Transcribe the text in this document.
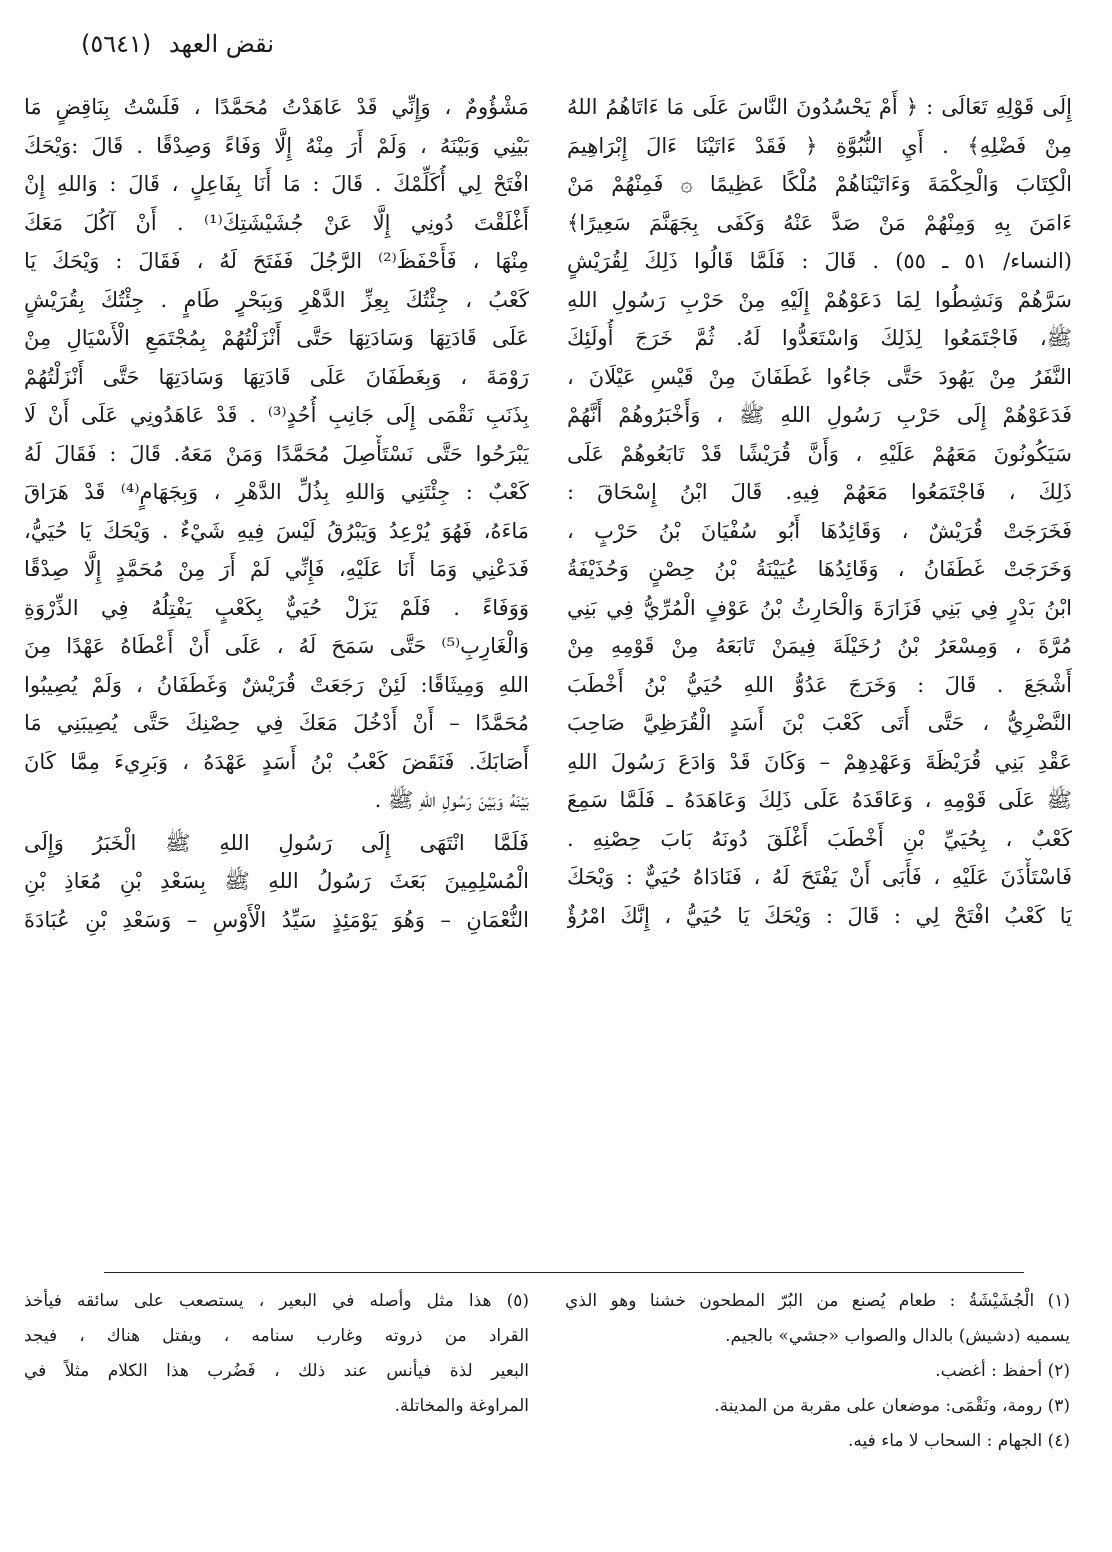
نقض العهد (٥٦٤١)
إِلَى قَوْلِهِ تَعَالَى : ﴿ أَمْ يَحْسُدُونَ النَّاسَ عَلَى مَا ءَاتَاهُمُ اللهُ
مِنْ فَضْلِهِ﴾ . أَيِ النُّبُوَّةِ ﴿ فَقَدْ ءَاتَيْنَا ءَالَ إِبْرَاهِيمَ
الْكِتَابَ وَالْحِكْمَةَ وَءَاتَيْنَاهُمْ مُلْكًا عَظِيمًا ۞ فَمِنْهُمْ مَنْ
ءَامَنَ بِهِ وَمِنْهُمْ مَنْ صَدَّ عَنْهُ وَكَفَى بِجَهَنَّمَ سَعِيرًا﴾
(النساء/ ٥١ ـ ٥٥) . قَالَ : فَلَمَّا قَالُوا ذَلِكَ لِقُرَيْشٍ
سَرَّهُمْ وَنَشِطُوا لِمَا دَعَوْهُمْ إِلَيْهِ مِنْ حَرْبِ رَسُولِ اللهِ
ﷺ، فَاجْتَمَعُوا لِذَلِكَ وَاسْتَعَدُّوا لَهُ. ثُمَّ خَرَجَ أُولَئِكَ
النَّفَرُ مِنْ يَهُودَ حَتَّى جَاءُوا غَطَفَانَ مِنْ قَيْسِ عَيْلَانَ ،
فَدَعَوْهُمْ إِلَى حَرْبِ رَسُولِ اللهِ ﷺ ، وَأَخْبَرُوهُمْ أَنَّهُمْ
سَيَكُونُونَ مَعَهُمْ عَلَيْهِ ، وَأَنَّ قُرَيْشًا قَدْ تَابَعُوهُمْ عَلَى
ذَلِكَ ، فَاجْتَمَعُوا مَعَهُمْ فِيهِ. قَالَ ابْنُ إِسْحَاقَ :
فَخَرَجَتْ قُرَيْشٌ ، وَقَائِدُهَا أَبُو سُفْيَانَ بْنُ حَرْبٍ ،
وَخَرَجَتْ غَطَفَانُ ، وَقَائِدُهَا عُيَيْنَةُ بْنُ حِصْنٍ وَحُذَيْفَةُ
ابْنُ بَدْرٍ فِي بَنِي فَزَارَةَ وَالْحَارِثُ بْنُ عَوْفٍ الْمُرِّيُّ فِي بَنِي
مُرَّةَ ، وَمِسْعَرُ بْنُ رُخَيْلَةَ فِيمَنْ تَابَعَهُ مِنْ قَوْمِهِ مِنْ
أَشْجَعَ . قَالَ : وَخَرَجَ عَدُوُّ اللهِ حُيَيُّ بْنُ أَخْطَبَ
النَّضْرِيُّ ، حَتَّى أَتَى كَعْبَ بْنَ أَسَدٍ الْقُرَظِيَّ صَاحِبَ
عَقْدِ بَنِي قُرَيْظَةَ وَعَهْدِهِمْ – وَكَانَ قَدْ وَادَعَ رَسُولَ اللهِ
ﷺ عَلَى قَوْمِهِ ، وَعَاقَدَهُ عَلَى ذَلِكَ وَعَاهَدَهُ ـ فَلَمَّا سَمِعَ
كَعْبٌ ، بِحُيَيِّ بْنِ أَخْطَبَ أَغْلَقَ دُونَهُ بَابَ حِصْنِهِ .
فَاسْتَأْذَنَ عَلَيْهِ ، فَأَبَى أَنْ يَفْتَحَ لَهُ ، فَنَادَاهُ حُيَيٌّ : وَيْحَكَ
يَا كَعْبُ افْتَحْ لِي : قَالَ : وَيْحَكَ يَا حُيَيُّ ، إِنَّكَ امْرُؤٌ
مَشْؤُومٌ ، وَإِنِّي قَدْ عَاهَدْتُ مُحَمَّدًا ، فَلَسْتُ بِنَاقِضٍ مَا
بَيْنِي وَبَيْنَهُ ، وَلَمْ أَرَ مِنْهُ إِلَّا وَفَاءً وَصِدْقًا . قَالَ :وَيْحَكَ
افْتَحْ لِي أُكَلِّمْكَ . قَالَ : مَا أَنَا بِفَاعِلٍ ، قَالَ : وَاللهِ إِنْ
أَغْلَقْتَ دُونِي إِلَّا عَنْ جُشَيْشَتِكَ⁽¹⁾ . أَنْ آكُلَ مَعَكَ
مِنْهَا ، فَأَحْفَظَ⁽²⁾ الرَّجُلَ فَفَتَحَ لَهُ ، فَقَالَ : وَيْحَكَ يَا
كَعْبُ ، جِئْتُكَ بِعِزِّ الدَّهْرِ وَبِبَحْرٍ طَامٍ . جِئْتُكَ بِقُرَيْشٍ
عَلَى قَادَتِهَا وَسَادَتِهَا حَتَّى أَنْزَلْتُهُمْ بِمُجْتَمَعِ الْأَسْيَالِ مِنْ
رَوْمَةَ ، وَبِغَطَفَانَ عَلَى قَادَتِهَا وَسَادَتِهَا حَتَّى أَنْزَلْتُهُمْ
بِذَنَبِ نَقْمَى إِلَى جَانِبِ أُحُدٍ⁽³⁾ . قَدْ عَاهَدُونِي عَلَى أَنْ لَا
يَبْرَحُوا حَتَّى نَسْتَأْصِلَ مُحَمَّدًا وَمَنْ مَعَهُ. قَالَ : فَقَالَ لَهُ
كَعْبٌ : جِئْتَنِي وَاللهِ بِذُلِّ الدَّهْرِ ، وَبِجَهَامٍ⁽⁴⁾ قَدْ هَرَاقَ
مَاءَهُ، فَهُوَ يُرْعِدُ وَيَبْرُقُ لَيْسَ فِيهِ شَيْءٌ . وَيْحَكَ يَا حُيَيُّ،
فَدَعْنِي وَمَا أَنَا عَلَيْهِ، فَإِنِّي لَمْ أَرَ مِنْ مُحَمَّدٍ إِلَّا صِدْقًا
وَوَفَاءً . فَلَمْ يَزَلْ حُيَيٌّ بِكَعْبٍ يَفْتِلُهُ فِي الذِّرْوَةِ
وَالْغَارِبِ⁽⁵⁾ حَتَّى سَمَحَ لَهُ ، عَلَى أَنْ أَعْطَاهُ عَهْدًا مِنَ
اللهِ وَمِيثَاقًا: لَئِنْ رَجَعَتْ قُرَيْشٌ وَغَطَفَانُ ، وَلَمْ يُصِيبُوا
مُحَمَّدًا – أَنْ أَدْخُلَ مَعَكَ فِي حِصْنِكَ حَتَّى يُصِيبَنِي مَا
أَصَابَكَ. فَنَقَضَ كَعْبُ بْنُ أَسَدٍ عَهْدَهُ ، وَبَرِيءَ مِمَّا كَانَ
بَيْنَهُ وَبَيْنَ رَسُولِ اللهِ ﷺ .
فَلَمَّا انْتَهَى إِلَى رَسُولِ اللهِ ﷺ الْخَبَرُ وَإِلَى
الْمُسْلِمِينَ بَعَثَ رَسُولُ اللهِ ﷺ بِسَعْدِ بْنِ مُعَاذِ بْنِ
النُّعْمَانِ – وَهُوَ يَوْمَئِذٍ سَيِّدُ الْأَوْسِ – وَسَعْدِ بْنِ عُبَادَةَ
(١) الْجُشَيْشَةُ : طعام يُصنع من البُرّ المطحون خشنا وهو الذي
يسميه (دشيش) بالدال والصواب «جشي» بالجيم.
(٢) أحفظ : أغضب.
(٣) رومة، ونَقْمَى: موضعان على مقربة من المدينة.
(٤) الجهام : السحاب لا ماء فيه.
(٥) هذا مثل وأصله في البعير ، يستصعب على سائقه فيأخذ
القراد من ذروته وغارب سنامه ، ويفتل هناك ، فيجد
البعير لذة فيأنس عند ذلك ، فَضُرب هذا الكلام مثلاً في
المراوغة والمخاتلة.
